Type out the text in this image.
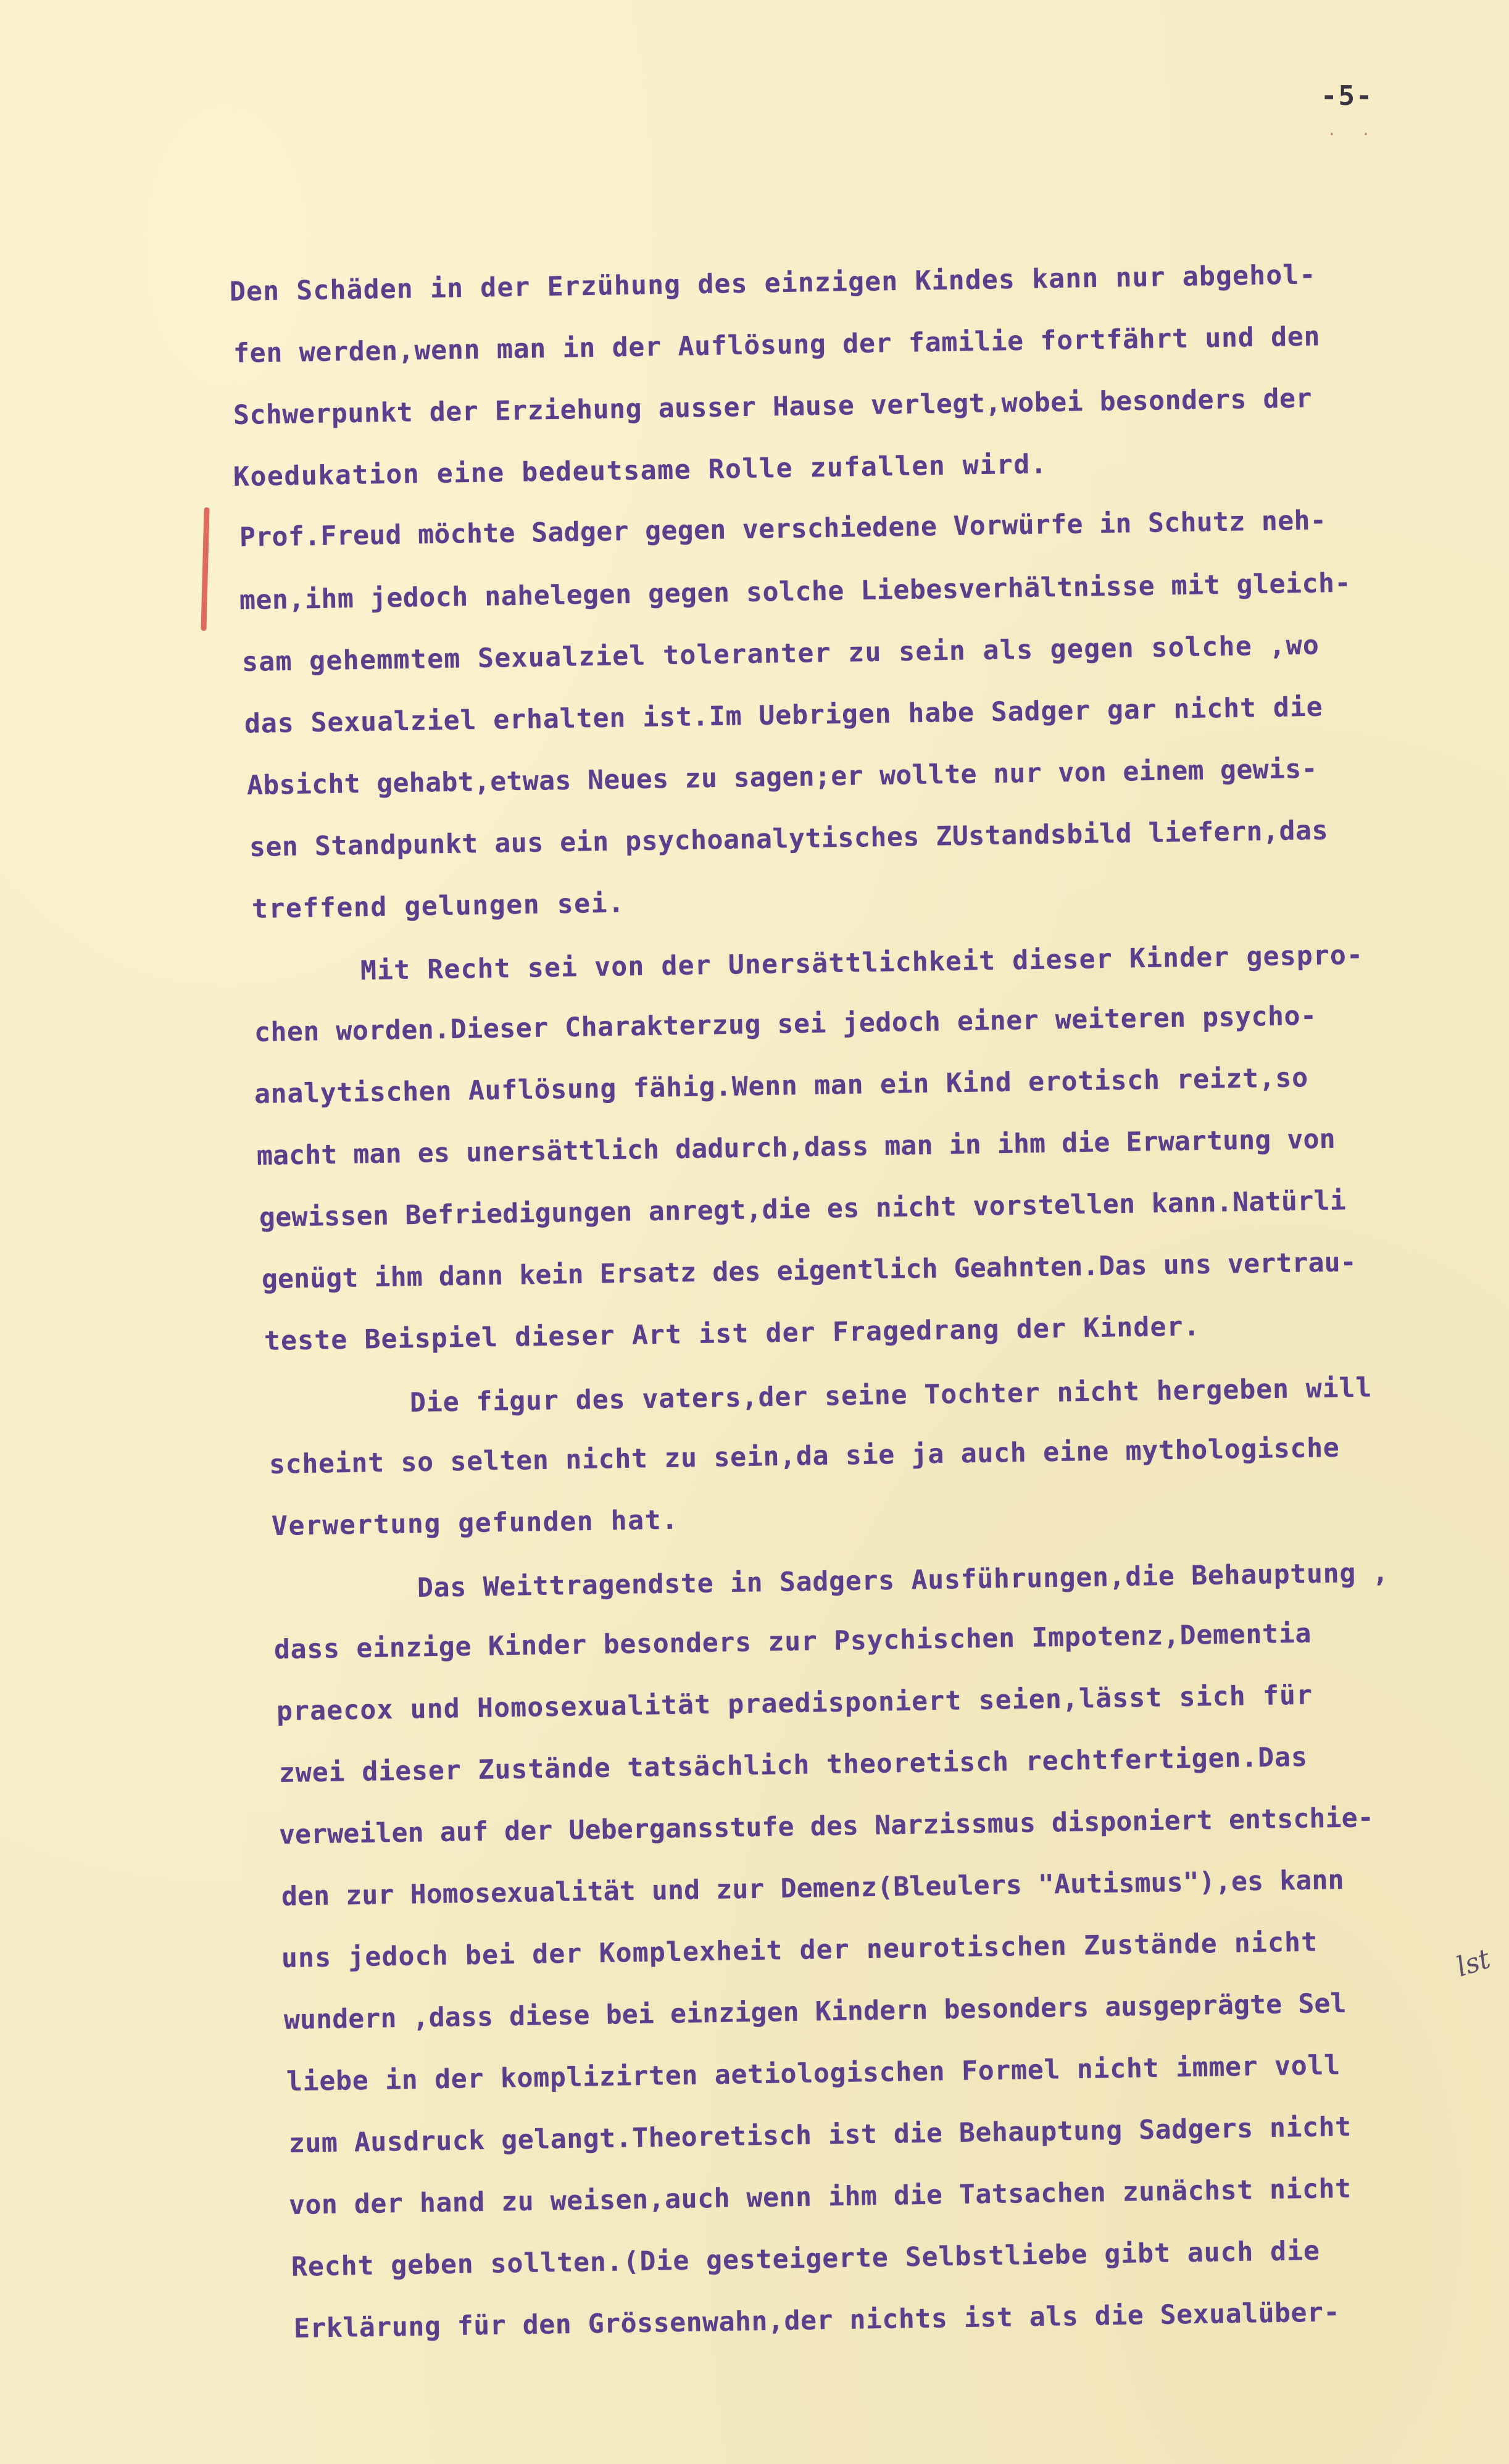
-5-
. .
lst
Den Schäden in der Erzühung des einzigen Kindes kann nur abgehol-
fen werden,wenn man in der Auflösung der familie fortfährt und den
Schwerpunkt der Erziehung ausser Hause verlegt,wobei besonders der
Koedukation eine bedeutsame Rolle zufallen wird.
Prof.Freud möchte Sadger gegen verschiedene Vorwürfe in Schutz neh-
men,ihm jedoch nahelegen gegen solche Liebesverhältnisse mit gleich-
sam gehemmtem Sexualziel toleranter zu sein als gegen solche ,wo
das Sexualziel erhalten ist.Im Uebrigen habe Sadger gar nicht die
Absicht gehabt,etwas Neues zu sagen;er wollte nur von einem gewis-
sen Standpunkt aus ein psychoanalytisches ZUstandsbild liefern,das
treffend gelungen sei.
Mit Recht sei von der Unersättlichkeit dieser Kinder gespro-
chen worden.Dieser Charakterzug sei jedoch einer weiteren psycho-
analytischen Auflösung fähig.Wenn man ein Kind erotisch reizt,so
macht man es unersättlich dadurch,dass man in ihm die Erwartung von
gewissen Befriedigungen anregt,die es nicht vorstellen kann.Natürli
genügt ihm dann kein Ersatz des eigentlich Geahnten.Das uns vertrau-
teste Beispiel dieser Art ist der Fragedrang der Kinder.
Die figur des vaters,der seine Tochter nicht hergeben will
scheint so selten nicht zu sein,da sie ja auch eine mythologische
Verwertung gefunden hat.
Das Weittragendste in Sadgers Ausführungen,die Behauptung ,
dass einzige Kinder besonders zur Psychischen Impotenz,Dementia
praecox und Homosexualität praedisponiert seien,lässt sich für
zwei dieser Zustände tatsächlich theoretisch rechtfertigen.Das
verweilen auf der Uebergansstufe des Narzissmus disponiert entschie-
den zur Homosexualität und zur Demenz(Bleulers "Autismus"),es kann
uns jedoch bei der Komplexheit der neurotischen Zustände nicht
wundern ,dass diese bei einzigen Kindern besonders ausgeprägte Sel
liebe in der komplizirten aetiologischen Formel nicht immer voll
zum Ausdruck gelangt.Theoretisch ist die Behauptung Sadgers nicht
von der hand zu weisen,auch wenn ihm die Tatsachen zunächst nicht
Recht geben sollten.(Die gesteigerte Selbstliebe gibt auch die
Erklärung für den Grössenwahn,der nichts ist als die Sexualüber-
